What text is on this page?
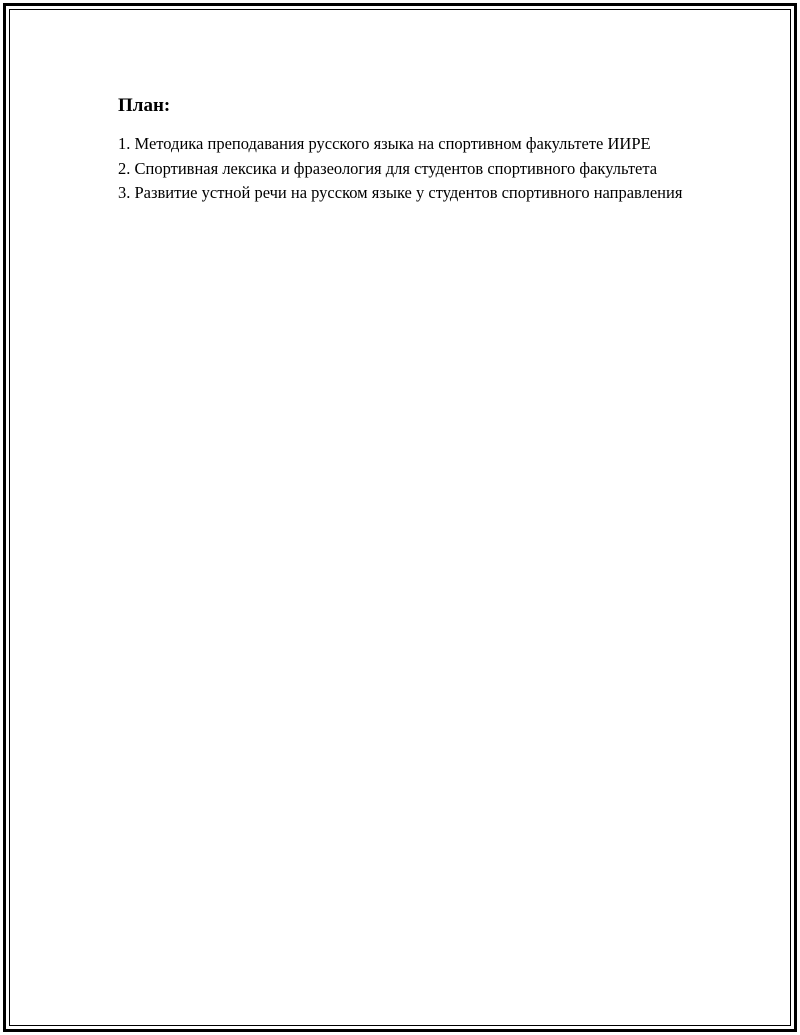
План:
1. Методика преподавания русского языка на спортивном факультете ИИРЕ
2. Спортивная лексика и фразеология для студентов спортивного факультета
3. Развитие устной речи на русском языке у студентов спортивного направления
